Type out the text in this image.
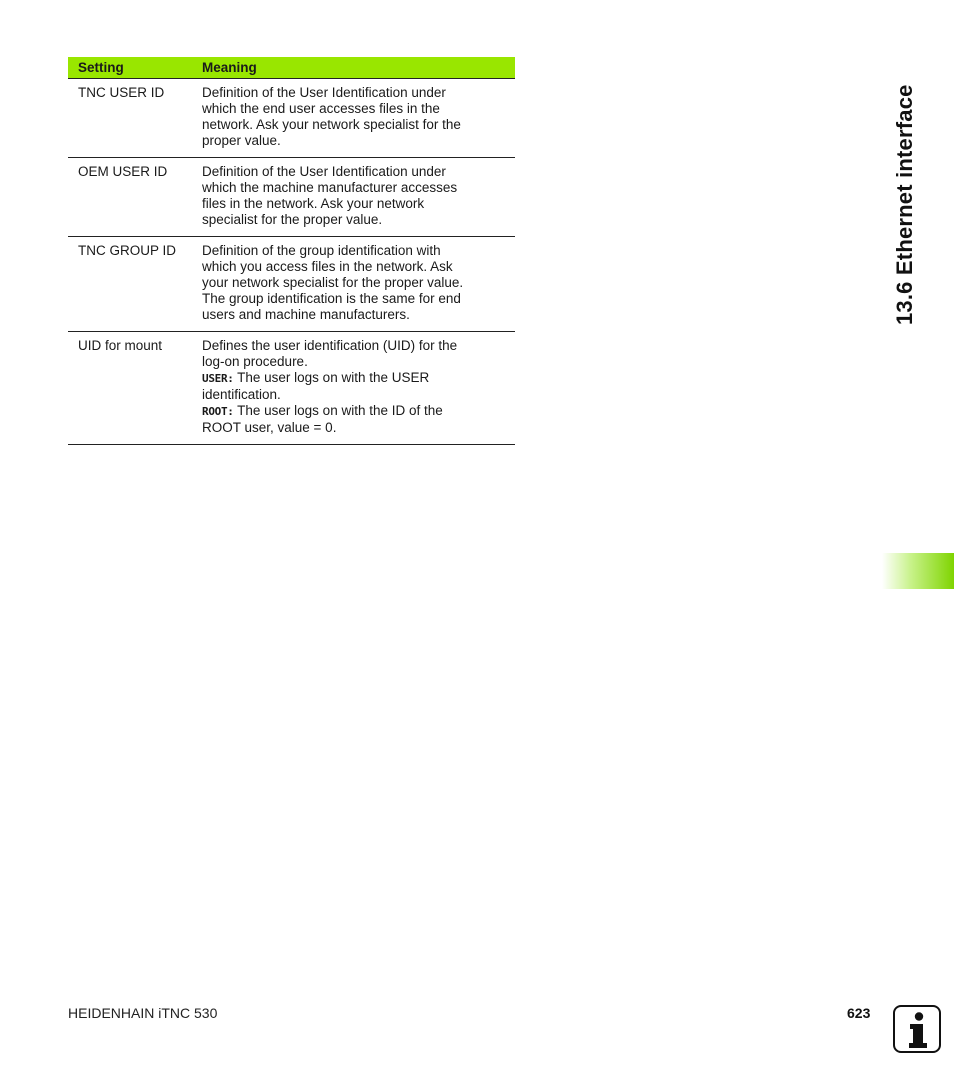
Setting	Meaning
TNC USER ID	Definition of the User Identification under
which the end user accesses files in the
network. Ask your network specialist for the
proper value.
OEM USER ID	Definition of the User Identification under
which the machine manufacturer accesses
files in the network. Ask your network
specialist for the proper value.
TNC GROUP ID	Definition of the group identification with
which you access files in the network. Ask
your network specialist for the proper value.
The group identification is the same for end
users and machine manufacturers.
UID for mount	Defines the user identification (UID) for the
log-on procedure.
USER: The user logs on with the USER
identification.
ROOT: The user logs on with the ID of the
ROOT user, value = 0.
13.6 Ethernet interface
HEIDENHAIN iTNC 530	623
